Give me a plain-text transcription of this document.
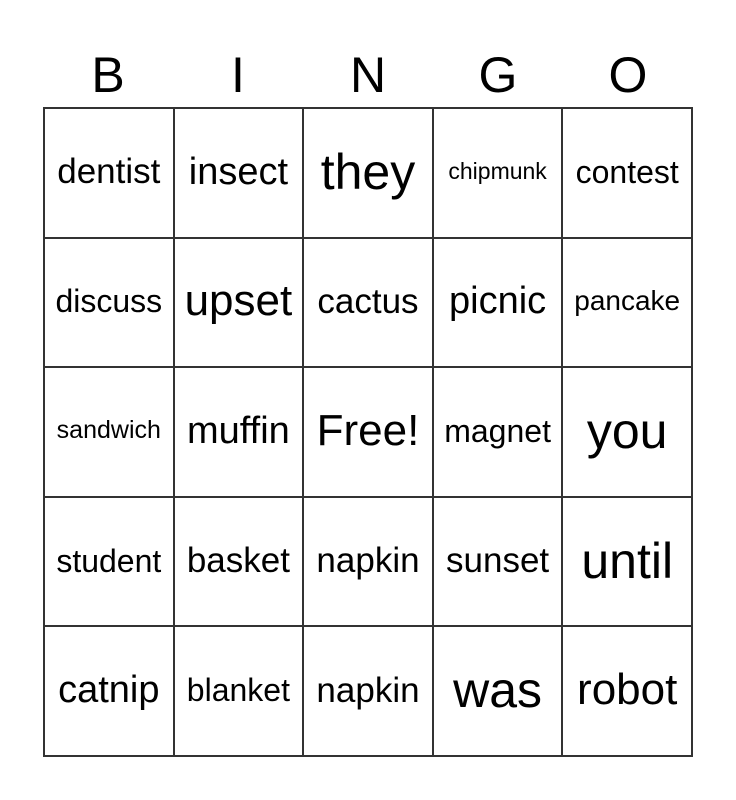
B	I	N	G	O
dentist insect they	chipmunk contest
discuss upset cactus picnic	pancake
sandwich muffin Free! magnet you
student basket napkin sunset until
catnip blanket napkin was robot
